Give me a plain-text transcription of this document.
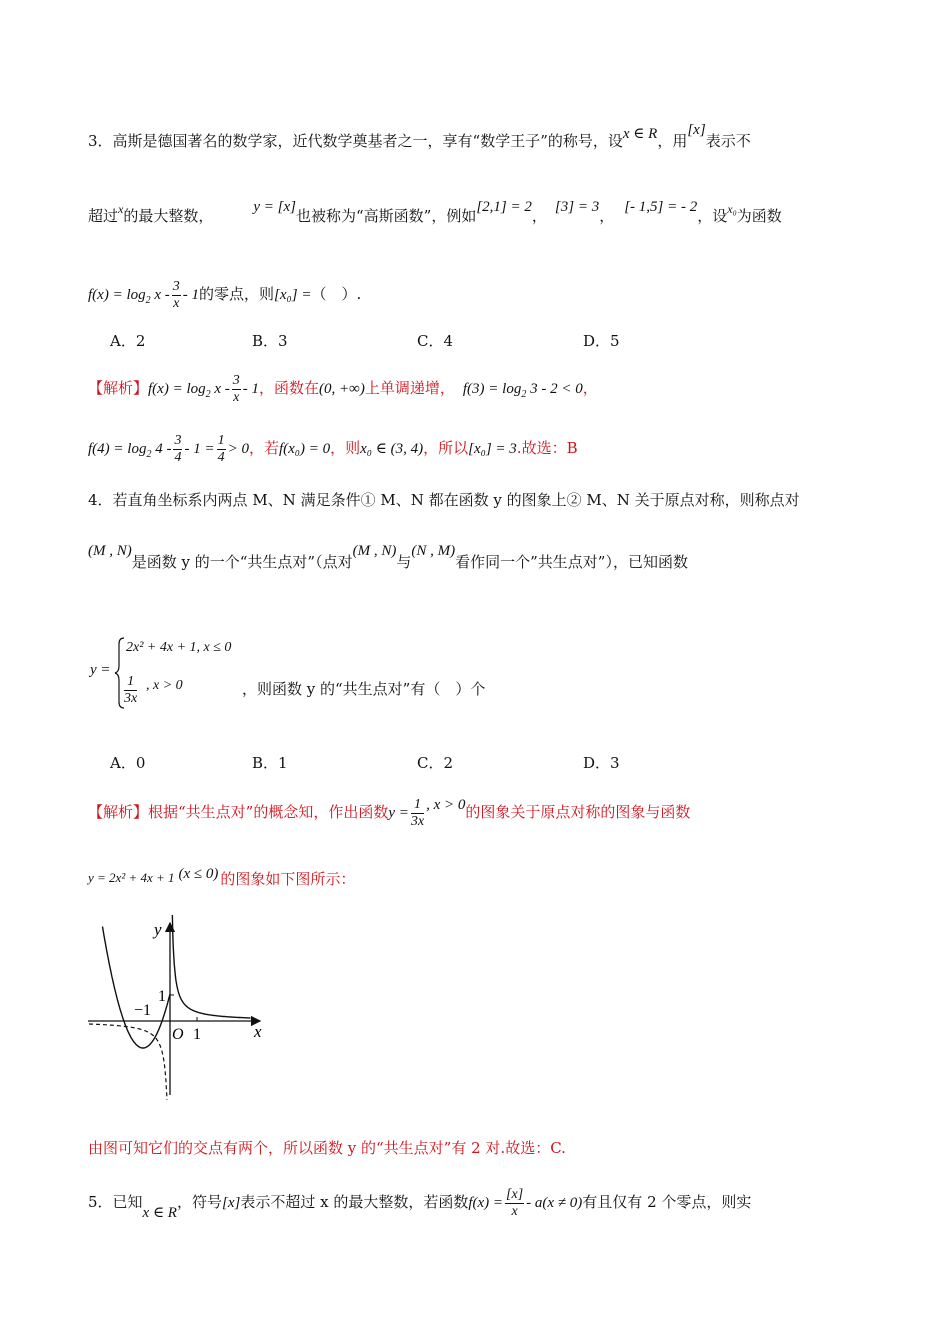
3．高斯是德国著名的数学家，近代数学奠基者之一，享有“数学王子”的称号，设x ∈ R，用[x]表示不
超过$^x$的最大整数，	y = [x]也被称为“高斯函数”，例如[2,1] = 2， [3] = 3， [- 1,5] = - 2，设$^{x_0}$为函数
$f(x) = \log_2 x - \frac{3}{x} - 1$的零点，则[x₀] =（　）.
A．2	B．3	C．4	D．5
【解析】$f(x) = \log_2 x - \frac{3}{x} - 1$，函数在(0, +∞)上单调递增， $f(3) = \log_2 3 - 2 < 0$，
$f(4) = \log_2 4 - \frac{3}{4} - 1 = \frac{1}{4} > 0$，若f(x₀) = 0，则x₀ ∈ (3, 4)，所以[x₀] = 3.故选：B
4．若直角坐标系内两点 M、N 满足条件① M、N 都在函数 y 的图象上② M、N 关于原点对称，则称点对
(M , N)是函数 y 的一个“共生点对”（点对(M , N)与(N , M)看作同一个”共生点对”），已知函数
y =
2x² + 4x + 1, x ≤ 0
$\frac{1}{3x}$ , x > 0	，则函数 y 的“共生点对”有（　）个
A．0	B．1	C．2	D．3
【解析】根据“共生点对”的概念知，作出函数$y = \frac{1}{3x}$ , x > 0的图象关于原点对称的图象与函数
y = 2x² + 4x + 1 (x ≤ 0) 的图象如下图所示：
y
x
O 1
1
−1
由图可知它们的交点有两个，所以函数 y 的“共生点对”有 2 对.故选：C.
5．已知x ∈ R，符号[x]表示不超过 x 的最大整数，若函数$f(x) = \frac{[x]}{x} - a(x \ne 0)$有且仅有 2 个零点，则实
